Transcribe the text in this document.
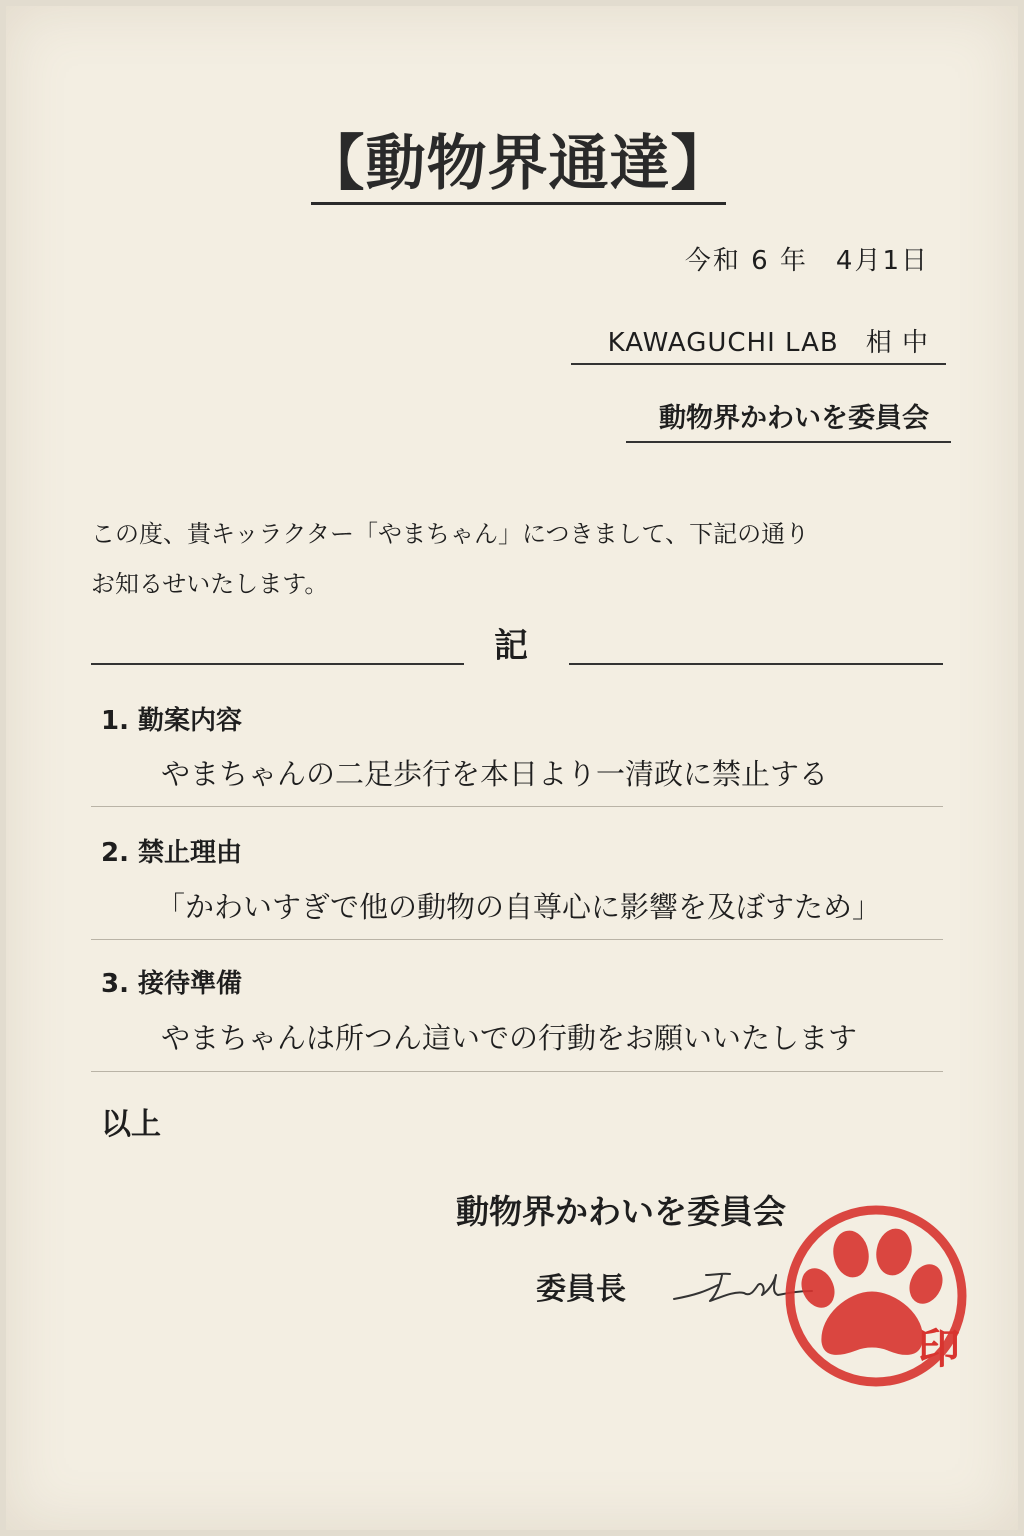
【動物界通達】
今和 6 年　4月1日
KAWAGUCHI LAB　相 中
動物界かわいを委員会
この度、貴キッラクター「やまちゃん」につきまして、下記の通り
お知るせいたします。
記
1. 勤案内容
やまちゃんの二足歩行を本日より一清政に禁止する
2. 禁止理由
「かわいすぎで他の動物の自尊心に影響を及ぼすため」
3. 接待準備
やまちゃんは所つん這いでの行動をお願いいたします
以上
動物界かわいを委員会
委員長
印
